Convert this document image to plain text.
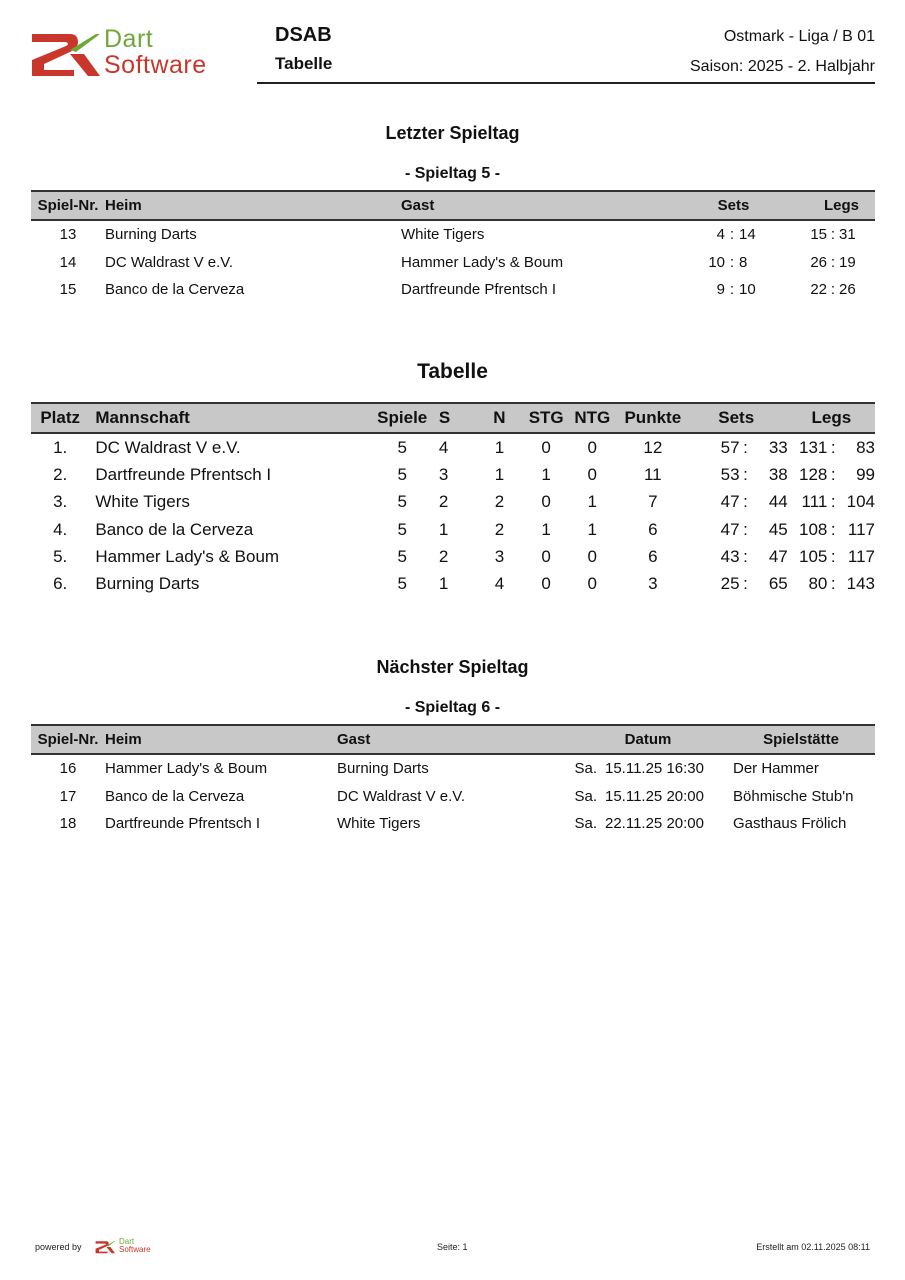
Dart
Software
DSAB
Tabelle
Ostmark - Liga / B 01
Saison: 2025 - 2. Halbjahr
Letzter Spieltag
- Spieltag 5 -
Spiel-Nr.	Heim	Gast	Sets			Legs		
13	Burning Darts	White Tigers	4	:	14	15	:	31
14	DC Waldrast V e.V.	Hammer Lady's & Boum	10	:	8	26	:	19
15	Banco de la Cerveza	Dartfreunde Pfrentsch I	9	:	10	22	:	26
Tabelle
Platz	Mannschaft	Spiele	S	N	STG	NTG	Punkte	Sets			Legs		
1.	DC Waldrast V e.V.	5	4	1	0	0	12	57	:	33	131	:	83
2.	Dartfreunde Pfrentsch I	5	3	1	1	0	11	53	:	38	128	:	99
3.	White Tigers	5	2	2	0	1	7	47	:	44	111	:	104
4.	Banco de la Cerveza	5	1	2	1	1	6	47	:	45	108	:	117
5.	Hammer Lady's & Boum	5	2	3	0	0	6	43	:	47	105	:	117
6.	Burning Darts	5	1	4	0	0	3	25	:	65	80	:	143
Nächster Spieltag
- Spieltag 6 -
Spiel-Nr.	Heim	Gast	Datum		Spielstätte
16	Hammer Lady's & Boum	Burning Darts	Sa.	15.11.25 16:30	Der Hammer
17	Banco de la Cerveza	DC Waldrast V e.V.	Sa.	15.11.25 20:00	Böhmische Stub'n
18	Dartfreunde Pfrentsch I	White Tigers	Sa.	22.11.25 20:00	Gasthaus Frölich
powered by
Dart
Software	Seite: 1	Erstellt am 02.11.2025 08:11
